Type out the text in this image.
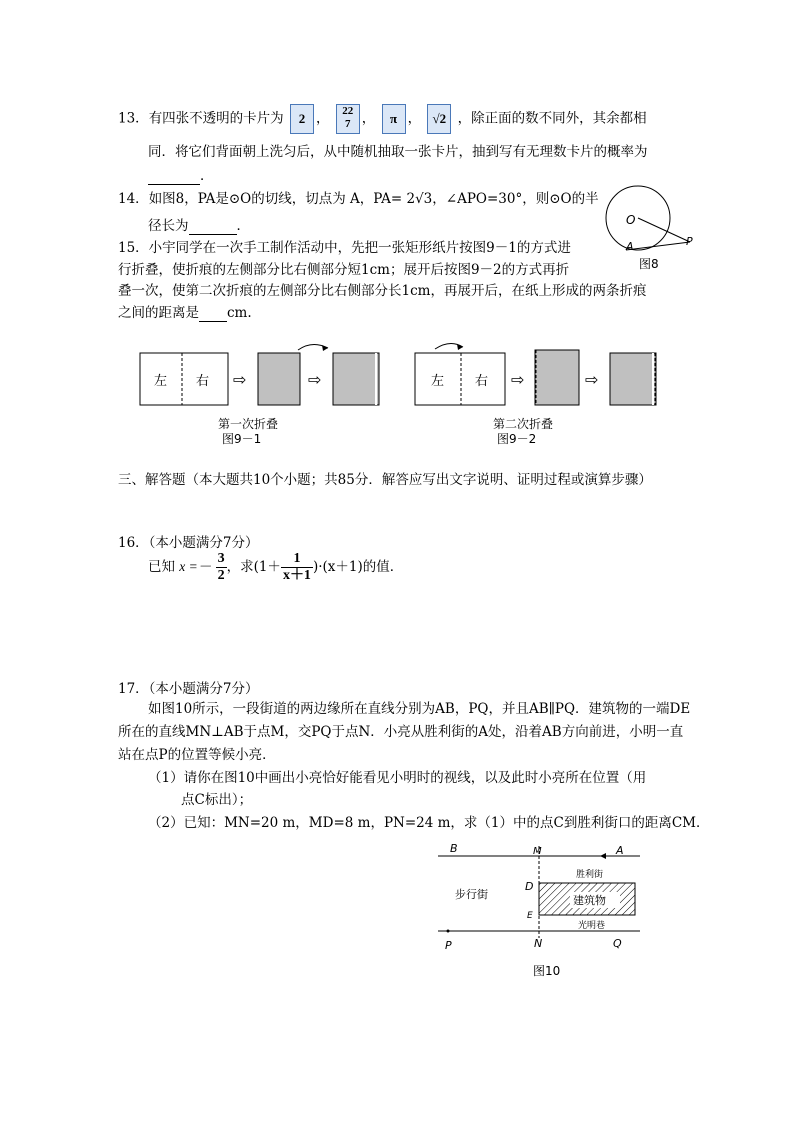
13．有四张不透明的卡片为 2 ， 22
7 ， π ， √2 ，除正面的数不同外，其余都相
同．将它们背面朝上洗匀后，从中随机抽取一张卡片，抽到写有无理数卡片的概率为
．
14．如图8，PA是⊙O的切线，切点为 A，PA= 2√3，∠APO=30°，则⊙O的半
径长为	．	O
A	P
图8
15．小宇同学在一次手工制作活动中，先把一张矩形纸片按图9－1的方式进
行折叠，使折痕的左侧部分比右侧部分短1cm；展开后按图9－2的方式再折
叠一次，使第二次折痕的左侧部分比右侧部分长1cm，再展开后，在纸上形成的两条折痕
之间的距离是 cm.
左 右 ⇨	⇨
第一次折叠
图9－1
左 右 ⇨	⇨
第二次折叠
图9－2
三、解答题（本大题共10个小题；共85分．解答应写出文字说明、证明过程或演算步骤）
16．（本小题满分7分）
已知 $x =- \frac{3}{2}$ ，求$(1+ \frac{1}{x+1} )\cdot(x+1)$的值．
17．（本小题满分7分）
如图10所示，一段街道的两边缘所在直线分别为AB，PQ，并且AB∥PQ．建筑物的一端DE
所在的直线MN⊥AB于点M，交PQ于点N．小亮从胜利街的A处，沿着AB方向前进，小明一直
站在点P的位置等候小亮．
（1）请你在图10中画出小亮恰好能看见小明时的视线，以及此时小亮所在位置（用
点C标出）；
（2）已知：MN=20 m，MD=8 m，PN=24 m，求（1）中的点C到胜利街口的距离CM．
建筑物
B	M	A
D
E
胜利街
步行街
光明巷
P	N	Q
图10
